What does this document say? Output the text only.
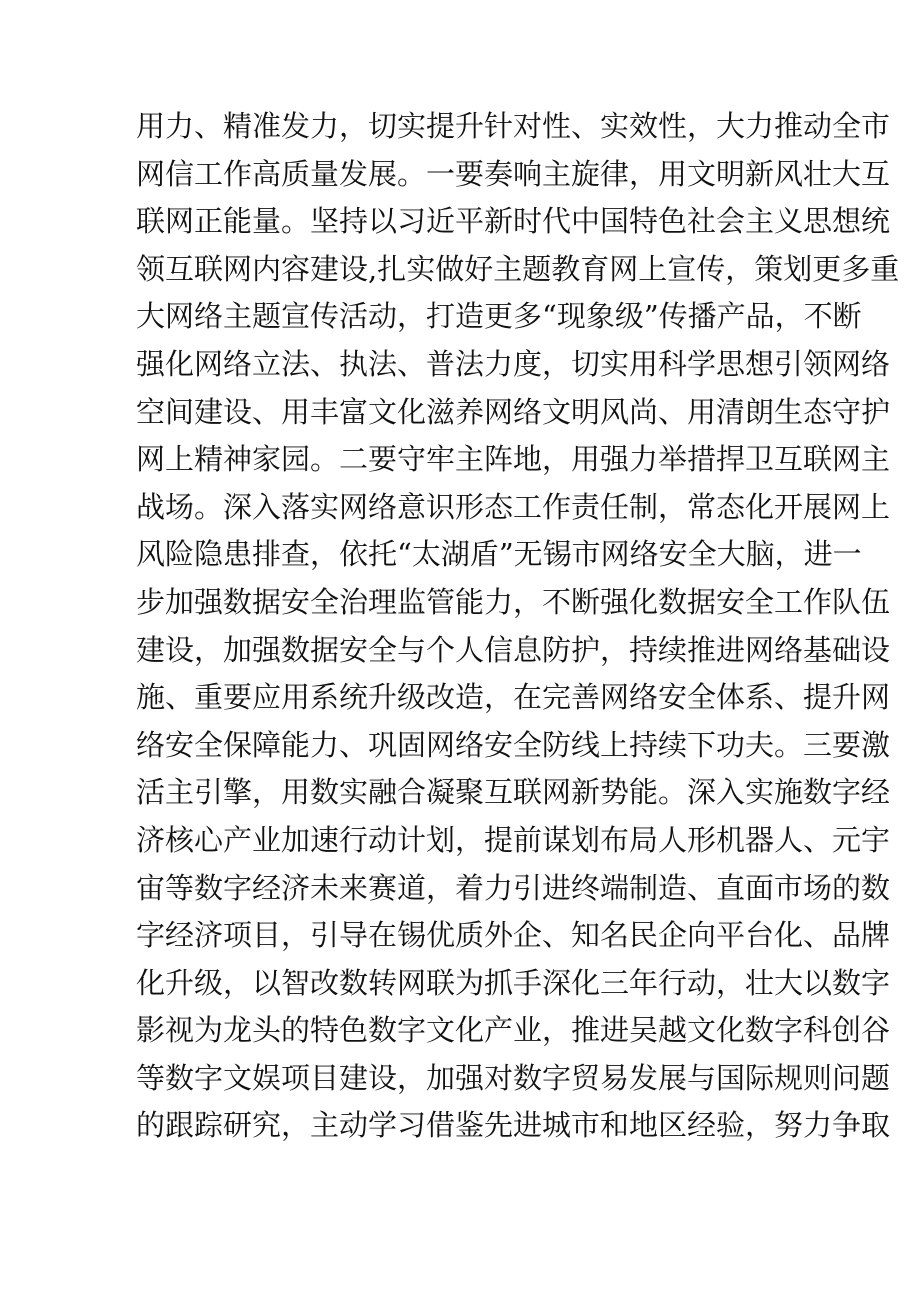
用力、精准发力，切实提升针对性、实效性，大力推动全市
网信工作高质量发展。一要奏响主旋律，用文明新风壮大互
联网正能量。坚持以习近平新时代中国特色社会主义思想统
领互联网内容建设,扎实做好主题教育网上宣传，策划更多重
大网络主题宣传活动，打造更多“现象级”传播产品，不断
强化网络立法、执法、普法力度，切实用科学思想引领网络
空间建设、用丰富文化滋养网络文明风尚、用清朗生态守护
网上精神家园。二要守牢主阵地，用强力举措捍卫互联网主
战场。深入落实网络意识形态工作责任制，常态化开展网上
风险隐患排查，依托“太湖盾”无锡市网络安全大脑，进一
步加强数据安全治理监管能力，不断强化数据安全工作队伍
建设，加强数据安全与个人信息防护，持续推进网络基础设
施、重要应用系统升级改造，在完善网络安全体系、提升网
络安全保障能力、巩固网络安全防线上持续下功夫。三要激
活主引擎，用数实融合凝聚互联网新势能。深入实施数字经
济核心产业加速行动计划，提前谋划布局人形机器人、元宇
宙等数字经济未来赛道，着力引进终端制造、直面市场的数
字经济项目，引导在锡优质外企、知名民企向平台化、品牌
化升级，以智改数转网联为抓手深化三年行动，壮大以数字
影视为龙头的特色数字文化产业，推进吴越文化数字科创谷
等数字文娱项目建设，加强对数字贸易发展与国际规则问题
的跟踪研究，主动学习借鉴先进城市和地区经验，努力争取
